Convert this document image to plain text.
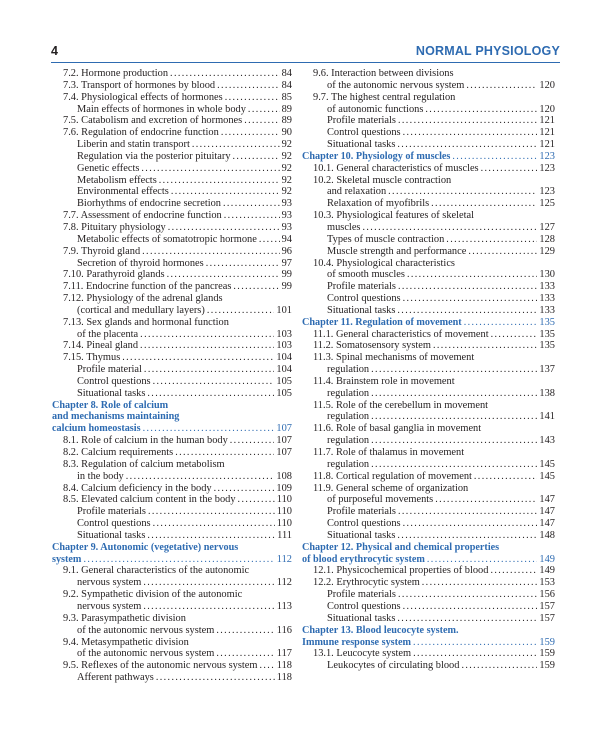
4	NORMAL PHYSIOLOGY
7.2. Hormone production .....	84
7.3. Transport of hormones by blood .....	84
7.4. Physiological effects of hormones .....	85
Main effects of hormones in whole body .....	89
7.5. Catabolism and excretion of hormones .....	89
7.6. Regulation of endocrine function .....	90
Liberin and statin transport .....	92
Regulation via the posterior pituitary .....	92
Genetic effects .....	92
Metabolism effects .....	92
Environmental effects .....	92
Biorhythms of endocrine secretion .....	93
7.7. Assessment of endocrine function .....	93
7.8. Pituitary physiology .....	93
Metabolic effects of somatotropic hormone ..... 94
7.9. Thyroid gland .....	96
Secretion of thyroid hormones .....	97
7.10. Parathyroid glands .....	99
7.11. Endocrine function of the pancreas .....	99
7.12. Physiology of the adrenal glands
(cortical and medullary layers) .....	101
7.13. Sex glands and hormonal function
of the placenta .....	103
7.14. Pineal gland .....	103
7.15. Thymus .....	104
Profile material .....	104
Control questions .....	105
Situational tasks .....	105
Chapter 8. Role of calcium
and mechanisms maintaining
calcium homeostasis .....	107
8.1. Role of calcium in the human body .....	107
8.2. Calcium requirements .....	107
8.3. Regulation of calcium metabolism
in the body .....	108
8.4. Calcium deficiency in the body .....	109
8.5. Elevated calcium content in the body .....	110
Profile materials .....	110
Control questions .....	110
Situational tasks .....	111
Chapter 9. Autonomic (vegetative) nervous
system .....	112
9.1. General characteristics of the autonomic
nervous system .....	112
9.2. Sympathetic division of the autonomic
nervous system .....	113
9.3. Parasympathetic division
of the autonomic nervous system .....	116
9.4. Metasympathetic division
of the autonomic nervous system .....	117
9.5. Reflexes of the autonomic nervous system ..... 118
Afferent pathways .....	118
9.6. Interaction between divisions
of the autonomic nervous system .....	120
9.7. The highest central regulation
of autonomic functions .....	120
Profile materials .....	121
Control questions .....	121
Situational tasks .....	121
Chapter 10. Physiology of muscles .....	123
10.1. General characteristics of muscles .....	123
10.2. Skeletal muscle contraction
and relaxation .....	123
Relaxation of myofibrils .....	125
10.3. Physiological features of skeletal
muscles .....	127
Types of muscle contraction .....	128
Muscle strength and performance .....	129
10.4. Physiological characteristics
of smooth muscles .....	130
Profile materials .....	133
Control questions .....	133
Situational tasks .....	133
Chapter 11. Regulation of movement .....	135
11.1. General characteristics of movement .....	135
11.2. Somatosensory system .....	135
11.3. Spinal mechanisms of movement
regulation .....	137
11.4. Brainstem role in movement
regulation .....	138
11.5. Role of the cerebellum in movement
regulation .....	141
11.6. Role of basal ganglia in movement
regulation .....	143
11.7. Role of thalamus in movement
regulation .....	145
11.8. Cortical regulation of movement .....	145
11.9. General scheme of organization
of purposeful movements .....	147
Profile materials .....	147
Control questions .....	147
Situational tasks .....	148
Chapter 12. Physical and chemical properties
of blood erythrocytic system .....	149
12.1. Physicochemical properties of blood .....	149
12.2. Erythrocytic system .....	153
Profile materials .....	156
Control questions .....	157
Situational tasks .....	157
Chapter 13. Blood leucocyte system.
Immune response system .....	159
13.1. Leucocyte system .....	159
Leukocytes of circulating blood .....	159
